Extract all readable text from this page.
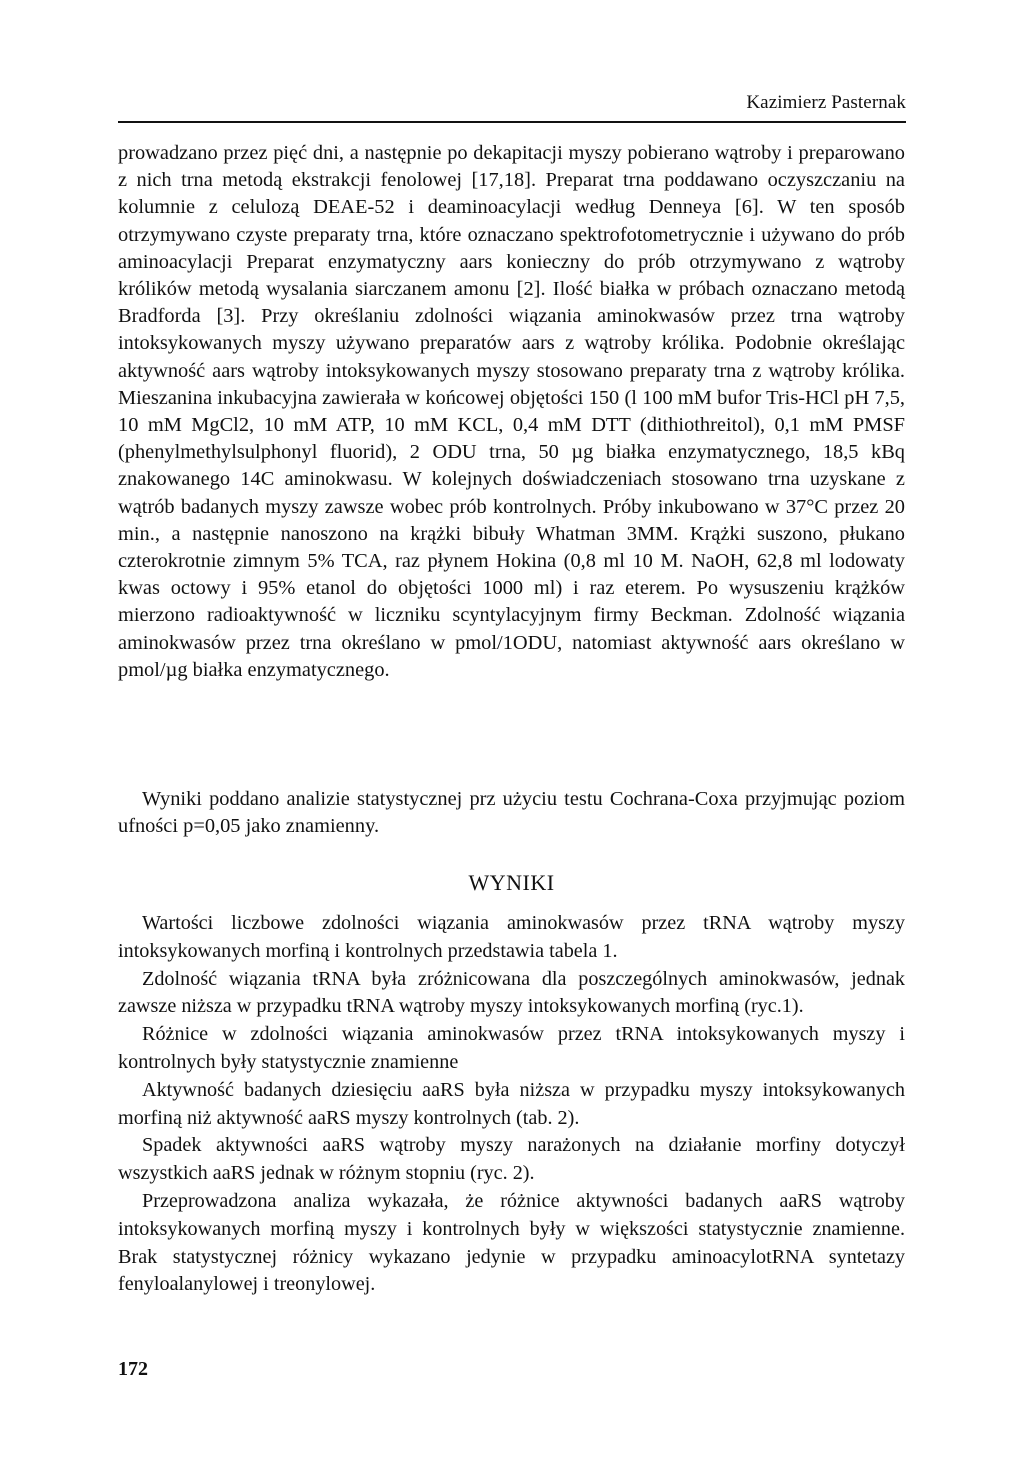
Kazimierz Pasternak
prowadzano przez pięć dni, a następnie po dekapitacji myszy pobierano wątroby i preparowano z nich trna metodą ekstrakcji fenolowej [17,18]. Preparat trna poddawano oczyszczaniu na kolumnie z celulozą DEAE-52 i deaminoacylacji według Denneya [6]. W ten sposób otrzymywano czyste preparaty trna, które oznaczano spektrofotometrycznie i używano do prób aminoacylacji Preparat enzymatyczny aars konieczny do prób otrzymywano z wątroby królików metodą wysalania siarczanem amonu [2]. Ilość białka w próbach oznaczano metodą Bradforda [3]. Przy określaniu zdolności wiązania aminokwasów przez trna wątroby intoksykowanych myszy używano preparatów aars z wątroby królika. Podobnie określając aktywność aars wątroby intoksykowanych myszy stosowano preparaty trna z wątroby królika. Mieszanina inkubacyjna zawierała w końcowej objętości 150 (l 100 mM bufor Tris-HCl pH 7,5, 10 mM MgCl2, 10 mM ATP, 10 mM KCL, 0,4 mM DTT (dithiothreitol), 0,1 mM PMSF (phenylmethylsulphonyl fluorid), 2 ODU trna, 50 µg białka enzymatycznego, 18,5 kBq znakowanego 14C aminokwasu. W kolejnych doświadczeniach stosowano trna uzyskane z wątrób badanych myszy zawsze wobec prób kontrolnych. Próby inkubowano w 37°C przez 20 min., a następnie nanoszono na krążki bibuły Whatman 3MM. Krążki suszono, płukano czterokrotnie zimnym 5% TCA, raz płynem Hokina (0,8 ml 10 M. NaOH, 62,8 ml lodowaty kwas octowy i 95% etanol do objętości 1000 ml) i raz eterem. Po wysuszeniu krążków mierzono radioaktywność w liczniku scyntylacyjnym firmy Beckman. Zdolność wiązania aminokwasów przez trna określano w pmol/1ODU, natomiast aktywność aars określano w pmol/µg białka enzymatycznego.

Wyniki poddano analizie statystycznej prz użyciu testu Cochrana-Coxa przyjmując poziom ufności p=0,05 jako znamienny.

WYNIKI

Wartości liczbowe zdolności wiązania aminokwasów przez tRNA wątroby myszy intoksykowanych morfiną i kontrolnych przedstawia tabela 1.

Zdolność wiązania tRNA była zróżnicowana dla poszczególnych aminokwasów, jednak zawsze niższa w przypadku tRNA wątroby myszy intoksykowanych morfiną (ryc.1).

Różnice w zdolności wiązania aminokwasów przez tRNA intoksykowanych myszy i kontrolnych były statystycznie znamienne

Aktywność badanych dziesięciu aaRS była niższa w przypadku myszy intoksykowanych morfiną niż aktywność aaRS myszy kontrolnych (tab. 2).

Spadek aktywności aaRS wątroby myszy narażonych na działanie morfiny dotyczył wszystkich aaRS jednak w różnym stopniu (ryc. 2).

Przeprowadzona analiza wykazała, że różnice aktywności badanych aaRS wątroby intoksykowanych morfiną myszy i kontrolnych były w większości statystycznie znamienne. Brak statystycznej różnicy wykazano jedynie w przypadku aminoacylotRNA syntetazy fenyloalanylowej i treonylowej.

172
